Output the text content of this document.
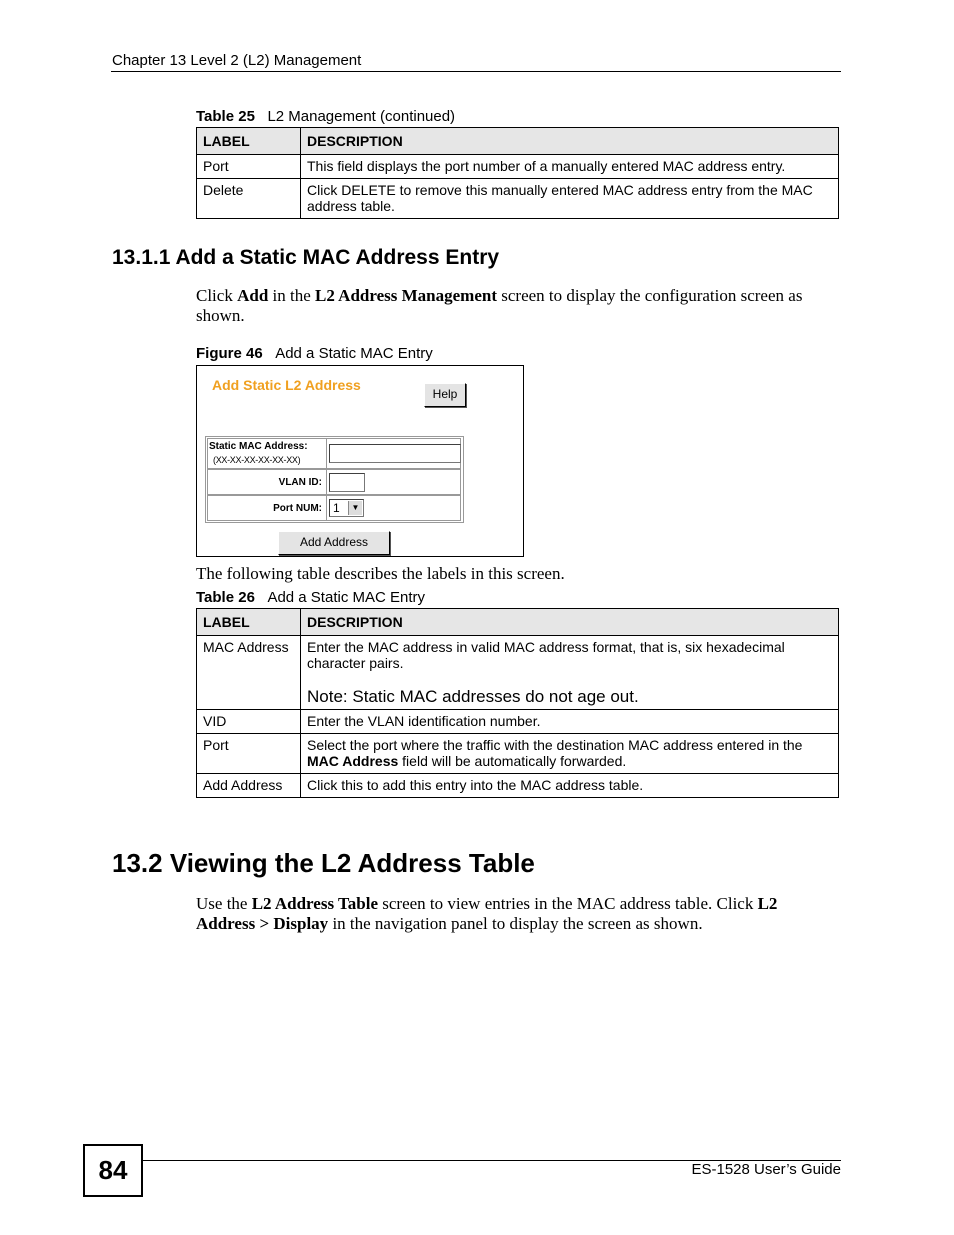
Chapter 13 Level 2 (L2) Management
Table 25 L2 Management (continued)
LABEL	DESCRIPTION
Port	This field displays the port number of a manually entered MAC address entry.
Delete	Click DELETE to remove this manually entered MAC address entry from the MAC address table.
13.1.1 Add a Static MAC Address Entry
Click Add in the L2 Address Management screen to display the configuration screen as shown.
Figure 46 Add a Static MAC Entry
Add Static L2 Address
Help
Static MAC Address:
(XX-XX-XX-XX-XX-XX)
VLAN ID:
Port NUM: 1	▼
Add Address
The following table describes the labels in this screen.
Table 26 Add a Static MAC Entry
LABEL	DESCRIPTION
MAC Address	Enter the MAC address in valid MAC address format, that is, six hexadecimal character pairs.
Note: Static MAC addresses do not age out.

VID	Enter the VLAN identification number.
Port	Select the port where the traffic with the destination MAC address entered in the MAC Address field will be automatically forwarded.
Add Address	Click this to add this entry into the MAC address table.
13.2 Viewing the L2 Address Table
Use the L2 Address Table screen to view entries in the MAC address table. Click L2 Address > Display in the navigation panel to display the screen as shown.
84	ES-1528 User’s Guide
